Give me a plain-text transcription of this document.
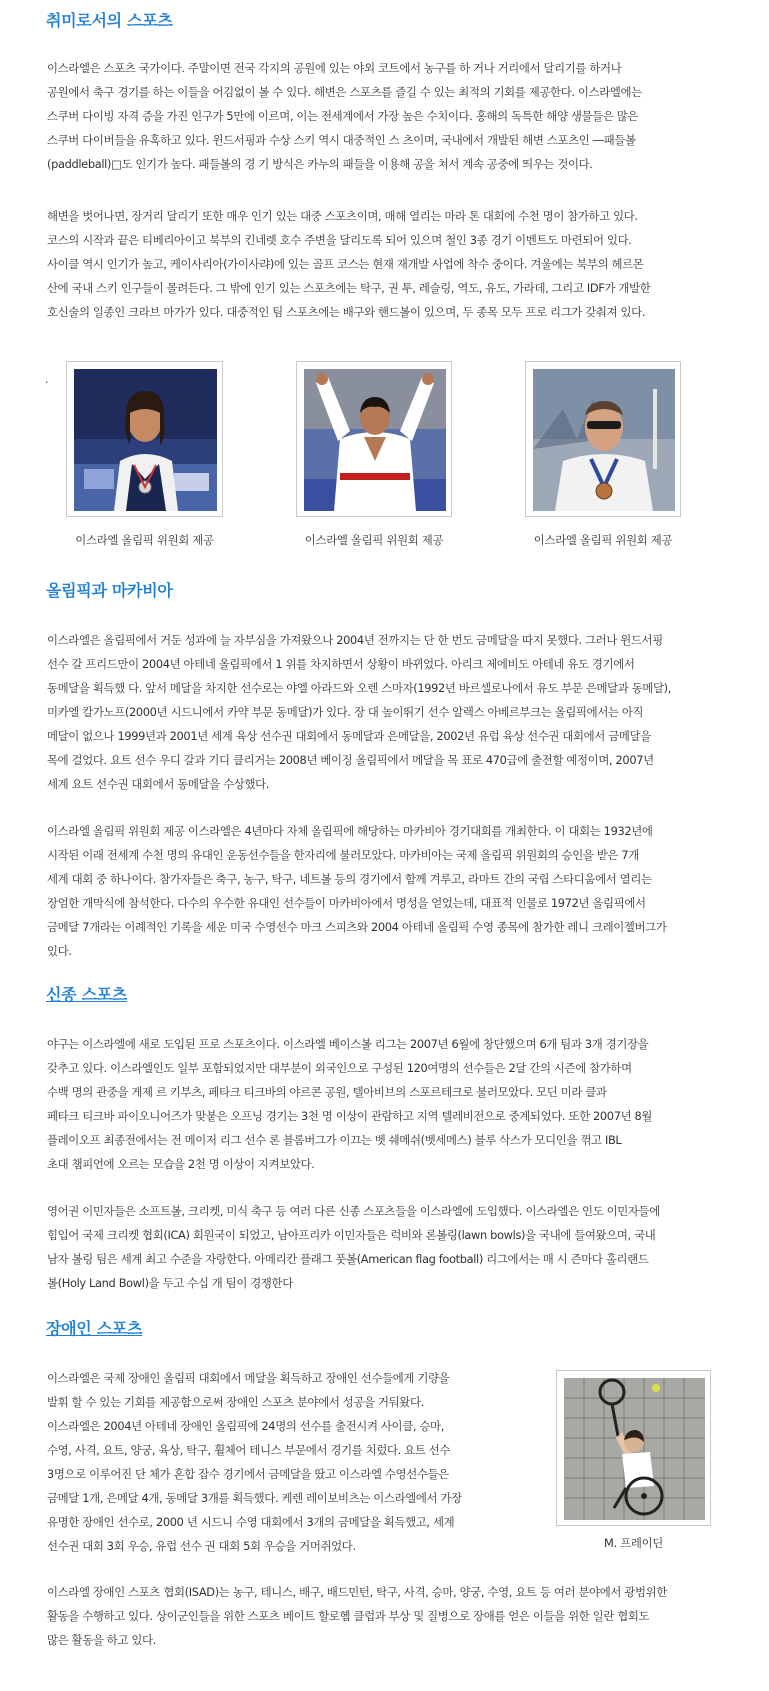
취미로서의 스포츠
이스라엘은 스포츠 국가이다. 주말이면 전국 각지의 공원에 있는 야외 코트에서 농구를 하 거나 거리에서 달리기를 하거나
공원에서 축구 경기를 하는 이들을 어김없이 볼 수 있다. 해변은 스포츠를 즐길 수 있는 최적의 기회를 제공한다. 이스라엘에는
스쿠버 다이빙 자격 증을 가진 인구가 5만에 이르며, 이는 전세계에서 가장 높은 수치이다. 홍해의 독특한 해양 생물들은 많은
스쿠버 다이버들을 유혹하고 있다. 윈드서핑과 수상 스키 역시 대중적인 스 츠이며, 국내에서 개발된 해변 스포츠인 ―패들볼
(paddleball)□도 인기가 높다. 패들볼의 경 기 방식은 카누의 패들을 이용해 공을 쳐서 계속 공중에 띄우는 것이다.
해변을 벗어나면, 장거리 달리기 또한 매우 인기 있는 대중 스포츠이며, 매해 열리는 마라 톤 대회에 수천 명이 참가하고 있다.
코스의 시작과 끝은 티베리아이고 북부의 킨네렛 호수 주변을 달리도록 되어 있으며 철인 3종 경기 이벤트도 마련되어 있다.
사이클 역시 인기가 높고, 케이사리아(가이사랴)에 있는 골프 코스는 현재 재개발 사업에 착수 중이다. 겨울에는 북부의 헤르몬
산에 국내 스키 인구들이 몰려든다. 그 밖에 인기 있는 스포츠에는 탁구, 권 투, 레슬링, 역도, 유도, 가라데, 그리고 IDF가 개발한
호신술의 일종인 크라브 마가가 있다. 대중적인 팀 스포츠에는 배구와 핸드볼이 있으며, 두 종목 모두 프로 리그가 갖춰져 있다.
.

이스라엘 올림픽 위원회 제공	이스라엘 올림픽 위원회 제공	이스라엘 올림픽 위원회 제공

올림픽과 마카비아
이스라엘은 올림픽에서 거둔 성과에 늘 자부심을 가져왔으나 2004년 전까지는 단 한 번도 금메달을 따지 못했다. 그러나 윈드서핑
선수 갈 프리드만이 2004년 아테네 올림픽에서 1 위를 차지하면서 상황이 바뀌었다. 아리크 제에비도 아테네 유도 경기에서
동메달을 획득했 다. 앞서 메달을 차지한 선수로는 야엘 아라드와 오렌 스마자(1992년 바르셀로나에서 유도 부문 은메달과 동메달),
미카엘 칼가노프(2000년 시드니에서 카약 부문 동메달)가 있다. 장 대 높이뛰기 선수 알렉스 아베르부크는 올림픽에서는 아직
메달이 없으나 1999년과 2001년 세계 육상 선수권 대회에서 동메달과 은메달을, 2002년 유럽 육상 선수권 대회에서 금메달을
목에 걸었다. 요트 선수 우디 갈과 기디 클리거는 2008년 베이징 올림픽에서 메달을 목 표로 470급에 출전할 예정이며, 2007년
세계 요트 선수권 대회에서 동메달을 수상했다.
이스라엘 올림픽 위원회 제공 이스라엘은 4년마다 자체 올림픽에 해당하는 마카비아 경기대회를 개최한다. 이 대회는 1932년에
시작된 이래 전세계 수천 명의 유대인 운동선수들을 한자리에 불러모았다. 마카비아는 국제 올림픽 위원회의 승인을 받은 7개
세계 대회 중 하나이다. 참가자들은 축구, 농구, 탁구, 네트볼 등의 경기에서 함께 겨루고, 라마트 간의 국립 스타디움에서 열리는
장엄한 개막식에 참석한다. 다수의 우수한 유대인 선수들이 마카비아에서 명성을 얻었는데, 대표적 인물로 1972년 올림픽에서
금메달 7개라는 이례적인 기록을 세운 미국 수영선수 마크 스피츠와 2004 아테네 올림픽 수영 종목에 참가한 레니 크레이젤버그가
있다.
신종 스포츠
야구는 이스라엘에 새로 도입된 프로 스포츠이다. 이스라엘 베이스볼 리그는 2007년 6월에 창단했으며 6개 팀과 3개 경기장을
갖추고 있다. 이스라엘인도 일부 포함되었지만 대부분이 외국인으로 구성된 120여명의 선수들은 2달 간의 시즌에 참가하며
수백 명의 관중을 게제 르 키부츠, 페타크 티크바의 야르콘 공원, 텔아비브의 스포르테크로 불러모았다. 모딘 미라 클과
페타크 티크바 파이오니어즈가 맞붙은 오프닝 경기는 3천 명 이상이 관람하고 지역 텔레비전으로 중계되었다. 또한 2007년 8월
플레이오프 최종전에서는 전 메이저 리그 선수 론 블롬버그가 이끄는 벳 쉐메쉬(벳세메스) 블루 삭스가 모디인을 꺾고 IBL
초대 챔피언에 오르는 모습을 2천 명 이상이 지켜보았다.
영어권 이민자들은 소프트볼, 크리켓, 미식 축구 등 여러 다른 신종 스포츠들을 이스라엘에 도입했다. 이스라엘은 인도 이민자들에
힘입어 국제 크리켓 협회(ICA) 회원국이 되었고, 남아프리카 이민자들은 럭비와 론볼링(lawn bowls)을 국내에 들여왔으며, 국내
남자 볼링 팀은 세계 최고 수준을 자랑한다. 아메리칸 플래그 풋볼(American flag football) 리그에서는 매 시 즌마다 홀리랜드
볼(Holy Land Bowl)을 두고 수십 개 팀이 경쟁한다
장애인 스포츠
이스라엘은 국제 장애인 올림픽 대회에서 메달을 획득하고 장애인 선수들에게 기량을
발휘 할 수 있는 기회를 제공함으로써 장애인 스포츠 분야에서 성공을 거둬왔다.
이스라엘은 2004년 아테네 장애인 올림픽에 24명의 선수를 출전시켜 사이클, 승마,
수영, 사격, 요트, 양궁, 육상, 탁구, 휠체어 테니스 부문에서 경기를 치렀다. 요트 선수
3명으로 이루어진 단 체가 혼합 잡수 경기에서 금메달을 땄고 이스라엘 수영선수들은
금메달 1개, 은메달 4개, 동메달 3개를 획득했다. 케렌 레이보비츠는 이스라엘에서 가장
유명한 장애인 선수로, 2000 년 시드니 수영 대회에서 3개의 금메달을 획득했고, 세계
선수권 대회 3회 우승, 유럽 선수 권 대회 5회 우승을 거머쥐었다.	M. 프레이딘

이스라엘 장애인 스포츠 협회(ISAD)는 농구, 테니스, 배구, 배드민턴, 탁구, 사격, 승마, 양궁, 수영, 요트 등 여러 분야에서 광범위한
활동을 수행하고 있다. 상이군인들을 위한 스포츠 베이트 할로헴 클럽과 부상 및 질병으로 장애를 얻은 이들을 위한 일란 협회도
많은 활동을 하고 있다.
